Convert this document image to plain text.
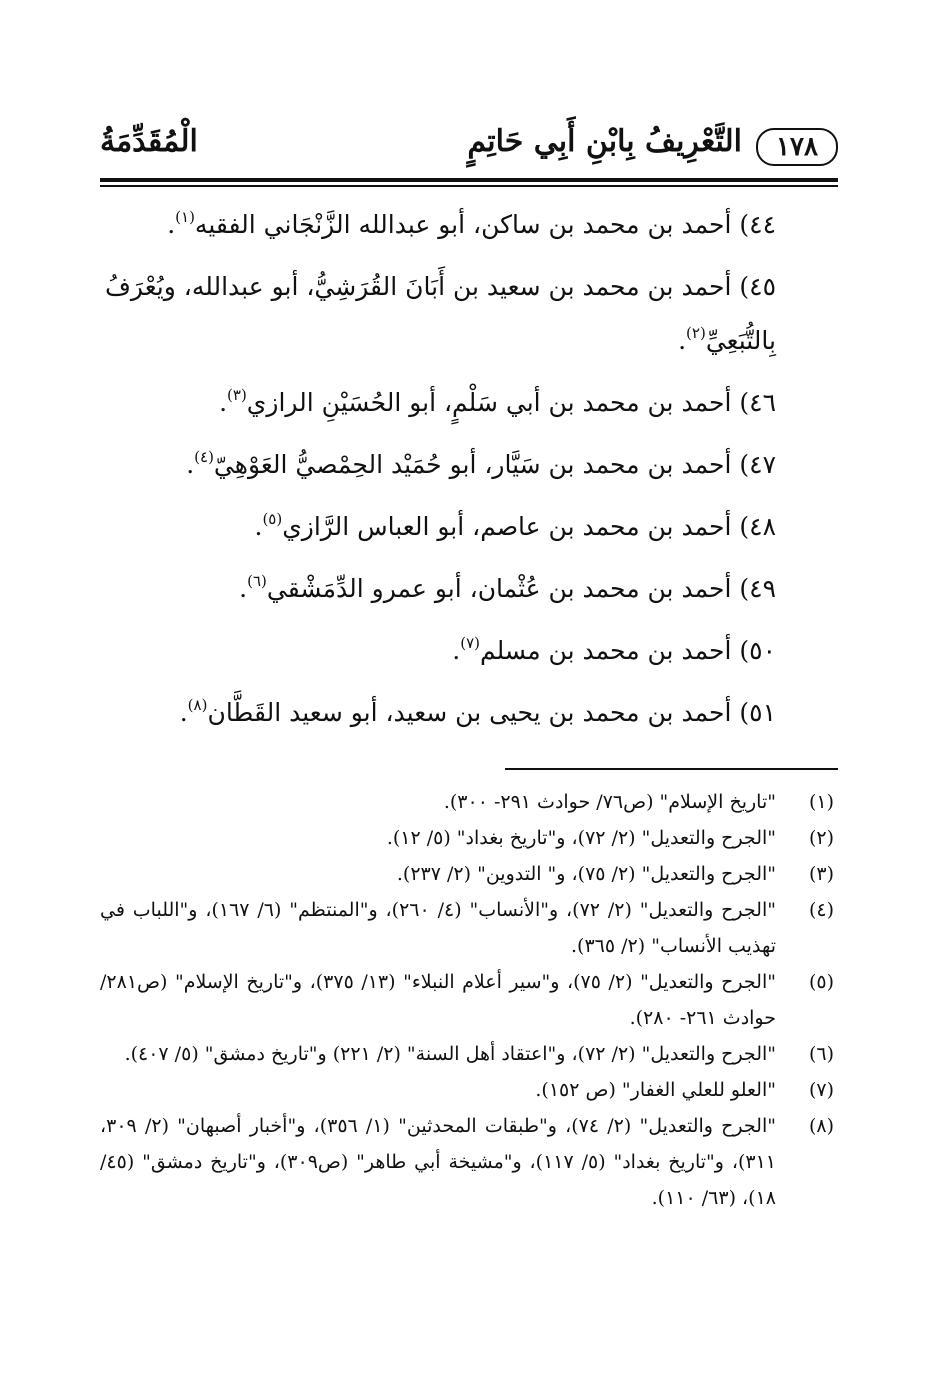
١٧٨
التَّعْرِيفُ بِابْنِ أَبِي حَاتِمٍ
الْمُقَدِّمَةُ
٤٤) أحمد بن محمد بن ساكن، أبو عبدالله الزَّنْجَاني الفقيه$^{(١)}$.
٤٥) أحمد بن محمد بن سعيد بن أَبَانَ القُرَشِيُّ، أبو عبدالله، ويُعْرَفُ بِالتُّبَعِيِّ$^{(٢)}$.
٤٦) أحمد بن محمد بن أبي سَلْمٍ، أبو الحُسَيْنِ الرازي$^{(٣)}$.
٤٧) أحمد بن محمد بن سَيَّار، أبو حُمَيْد الحِمْصيُّ العَوْهِيّ$^{(٤)}$.
٤٨) أحمد بن محمد بن عاصم، أبو العباس الرَّازي$^{(٥)}$.
٤٩) أحمد بن محمد بن عُثْمان، أبو عمرو الدِّمَشْقي$^{(٦)}$.
٥٠) أحمد بن محمد بن مسلم$^{(٧)}$.
٥١) أحمد بن محمد بن يحيى بن سعيد، أبو سعيد القَطَّان$^{(٨)}$.
(١)
"تاريخ الإسلام" (ص٧٦/ حوادث ٢٩١- ٣٠٠).
(٢)
"الجرح والتعديل" (٢/ ٧٢)، و"تاريخ بغداد" (٥/ ١٢).
(٣)
"الجرح والتعديل" (٢/ ٧٥)، و" التدوين" (٢/ ٢٣٧).
(٤)
"الجرح والتعديل" (٢/ ٧٢)، و"الأنساب" (٤/ ٢٦٠)، و"المنتظم" (٦/ ١٦٧)، و"اللباب في تهذيب الأنساب" (٢/ ٣٦٥).
(٥)
"الجرح والتعديل" (٢/ ٧٥)، و"سير أعلام النبلاء" (١٣/ ٣٧٥)، و"تاريخ الإسلام" (ص٢٨١/ حوادث ٢٦١- ٢٨٠).
(٦)
"الجرح والتعديل" (٢/ ٧٢)، و"اعتقاد أهل السنة" (٢/ ٢٢١) و"تاريخ دمشق" (٥/ ٤٠٧).
(٧)
"العلو للعلي الغفار" (ص ١٥٢).
(٨)
"الجرح والتعديل" (٢/ ٧٤)، و"طبقات المحدثين" (١/ ٣٥٦)، و"أخبار أصبهان" (٢/ ٣٠٩، ٣١١)، و"تاريخ بغداد" (٥/ ١١٧)، و"مشيخة أبي طاهر" (ص٣٠٩)، و"تاريخ دمشق" (٤٥/ ١٨)، (٦٣/ ١١٠).
